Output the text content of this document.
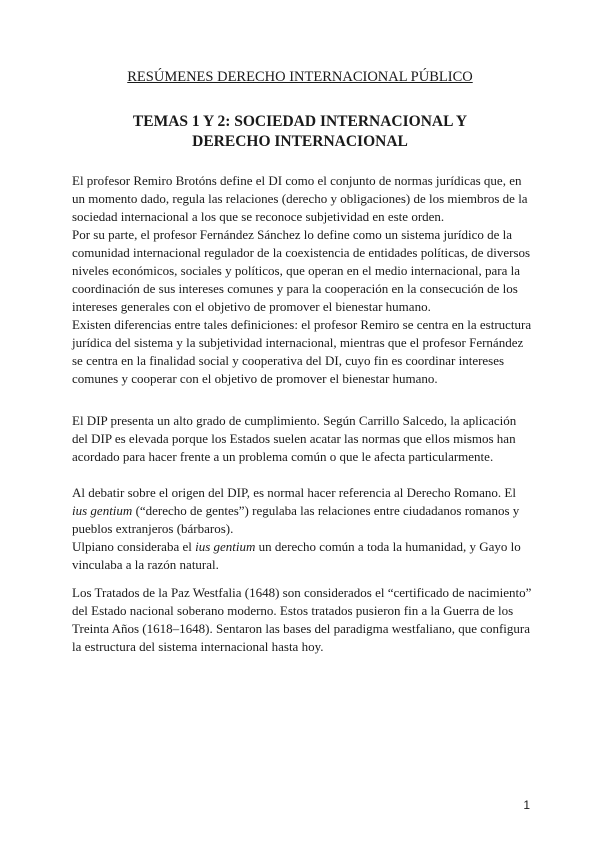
RESÚMENES DERECHO INTERNACIONAL PÚBLICO
TEMAS 1 Y 2: SOCIEDAD INTERNACIONAL Y DERECHO INTERNACIONAL

El profesor Remiro Brotóns define el DI como el conjunto de normas jurídicas que, en un momento dado, regula las relaciones (derecho y obligaciones) de los miembros de la sociedad internacional a los que se reconoce subjetividad en este orden.

Por su parte, el profesor Fernández Sánchez lo define como un sistema jurídico de la comunidad internacional regulador de la coexistencia de entidades políticas, de diversos niveles económicos, sociales y políticos, que operan en el medio internacional, para la coordinación de sus intereses comunes y para la cooperación en la consecución de los intereses generales con el objetivo de promover el bienestar humano.

Existen diferencias entre tales definiciones: el profesor Remiro se centra en la estructura jurídica del sistema y la subjetividad internacional, mientras que el profesor Fernández se centra en la finalidad social y cooperativa del DI, cuyo fin es coordinar intereses comunes y cooperar con el objetivo de promover el bienestar humano.

El DIP presenta un alto grado de cumplimiento. Según Carrillo Salcedo, la aplicación del DIP es elevada porque los Estados suelen acatar las normas que ellos mismos han acordado para hacer frente a un problema común o que le afecta particularmente.

Al debatir sobre el origen del DIP, es normal hacer referencia al Derecho Romano. El ius gentium (“derecho de gentes”) regulaba las relaciones entre ciudadanos romanos y pueblos extranjeros (bárbaros).

Ulpiano consideraba el ius gentium un derecho común a toda la humanidad, y Gayo lo vinculaba a la razón natural.

Los Tratados de la Paz Westfalia (1648) son considerados el “certificado de nacimiento” del Estado nacional soberano moderno. Estos tratados pusieron fin a la Guerra de los Treinta Años (1618–1648). Sentaron las bases del paradigma westfaliano, que configura la estructura del sistema internacional hasta hoy.

1
